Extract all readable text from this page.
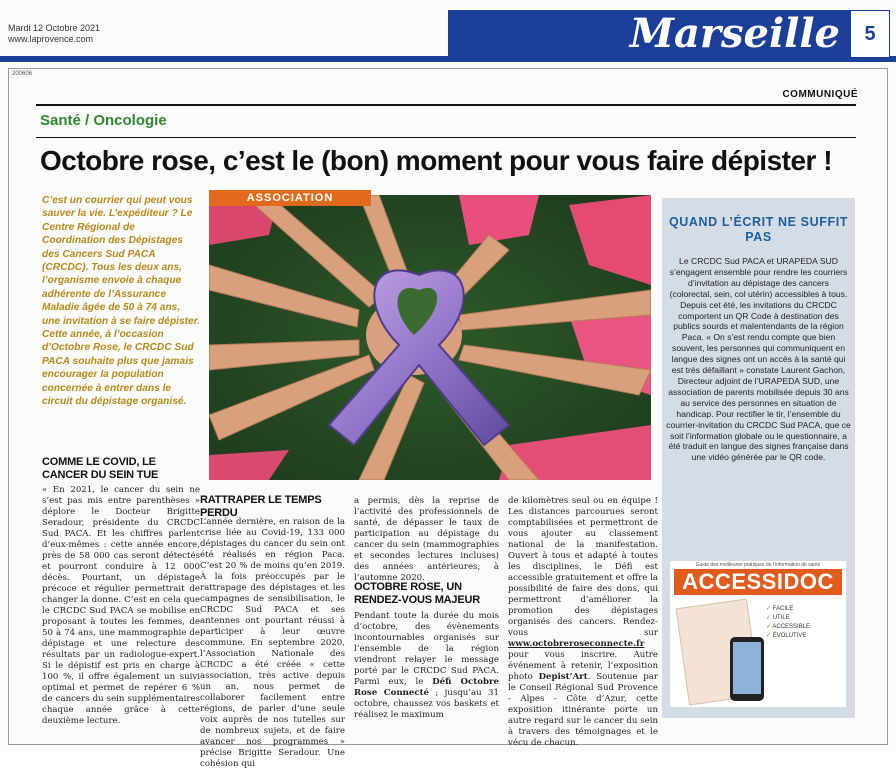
Mardi 12 Octobre 2021
www.laprovence.com	Marseille	5
200606
COMMUNIQUÉ
Santé / Oncologie
Octobre rose, c’est le (bon) moment pour vous faire dépister !
C’est un courrier qui peut vous sauver la vie. L’expéditeur ? Le Centre Régional de Coordination des Dépistages des Cancers Sud PACA (CRCDC). Tous les deux ans, l’organisme envoie à chaque adhérente de l’Assurance Maladie âgée de 50 à 74 ans, une invitation à se faire dépister. Cette année, à l’occasion d’Octobre Rose, le CRCDC Sud PACA souhaite plus que jamais encourager la population concernée à entrer dans le circuit du dépistage organisé.
ASSOCIATION
COMME LE COVID, LE CANCER DU SEIN TUE
« En 2021, le cancer du sein ne s’est pas mis entre parenthèses » déplore le Docteur Brigitte Seradour, présidente du CRCDC Sud PACA. Et les chiffres parlent d’eux-mêmes : cette année encore, près de 58 000 cas seront détectés et pourront conduire à 12 000 décès. Pourtant, un dépistage précoce et régulier permettrait de changer la donne. C’est en cela que le CRCDC Sud PACA se mobilise en proposant à toutes les femmes, de 50 à 74 ans, une mammographie de dépistage et une relecture des résultats par un radiologue-expert. Si le dépistif est pris en charge à 100 %, il offre également un suivi optimal et permet de repérer 6 % de cancers du sein supplémentaires chaque année grâce à cette deuxième lecture.
RATTRAPER LE TEMPS PERDU
L’année dernière, en raison de la crise liée au Covid-19, 133 000 dépistages du cancer du sein ont été réalisés en région Paca. C’est 20 % de moins qu’en 2019. À la fois préoccupés par le rattrapage des dépistages et les campagnes de sensibilisation, le CRCDC Sud PACA et ses antennes ont pourtant réussi à participer à leur œuvre commune. En septembre 2020, l’Association Nationale des CRCDC a été créée « cette association, très active depuis un an, nous permet de collaborer facilement entre régions, de parler d’une seule voix auprès de nos tutelles sur de nombreux sujets, et de faire avancer nos programmes » précise Brigitte Seradour. Une cohésion qui
a permis, dès la reprise de l’activité des professionnels de santé, de dépasser le taux de participation au dépistage du cancer du sein (mammographies et secondes lectures incluses) des années antérieures, à l’automne 2020.
OCTOBRE ROSE, UN RENDEZ-VOUS MAJEUR
Pendant toute la durée du mois d’octobre, des évènements incontournables organisés sur l’ensemble de la région viendront relayer le message porté par le CRCDC Sud PACA. Parmi eux, le Défi Octobre Rose Connecté ; jusqu’au 31 octobre, chaussez vos baskets et réalisez le maximum
de kilomètres seul ou en équipe ! Les distances parcourues seront comptabilisées et permettront de vous ajouter au classement national de la manifestation. Ouvert à tous et adapté à toutes les disciplines, le Défi est accessible gratuitement et offre la possibilité de faire des dons, qui permettront d’améliorer la promotion des dépistages organisés des cancers. Rendez-vous sur www.octobreroseconnecte.fr pour vous inscrire. Autre événement à retenir, l’exposition photo Depist’Art. Soutenue par le Conseil Régional Sud Provence - Alpes - Côte d’Azur, cette exposition itinérante porte un autre regard sur le cancer du sein à travers des témoignages et le vécu de chacun.
QUAND L’ÉCRIT NE SUFFIT PAS
Le CRCDC Sud PACA et URAPEDA SUD s’engagent ensemble pour rendre les courriers d’invitation au dépistage des cancers (colorectal, sein, col utérin) accessibles à tous. Depuis cet été, les invitations du CRCDC comportent un QR Code à destination des publics sourds et malentendants de la région Paca. « On s’est rendu compte que bien souvent, les personnes qui communiquent en langue des signes ont un accès à la santé qui est très défaillant » constate Laurent Gachon, Directeur adjoint de l’URAPEDA SUD, une association de parents mobilisée depuis 30 ans au service des personnes en situation de handicap. Pour rectifier le tir, l’ensemble du courrier-invitation du CRCDC Sud PACA, que ce soit l’information globale ou le questionnaire, a été traduit en langue des signes française dans une vidéo générée par le QR code.
Guide des meilleures pratiques de l’information de santé
ACCESSIDOC
✓ FACILE
✓ UTILE
✓ ACCESSIBLE
✓ ÉVOLUTIVE
